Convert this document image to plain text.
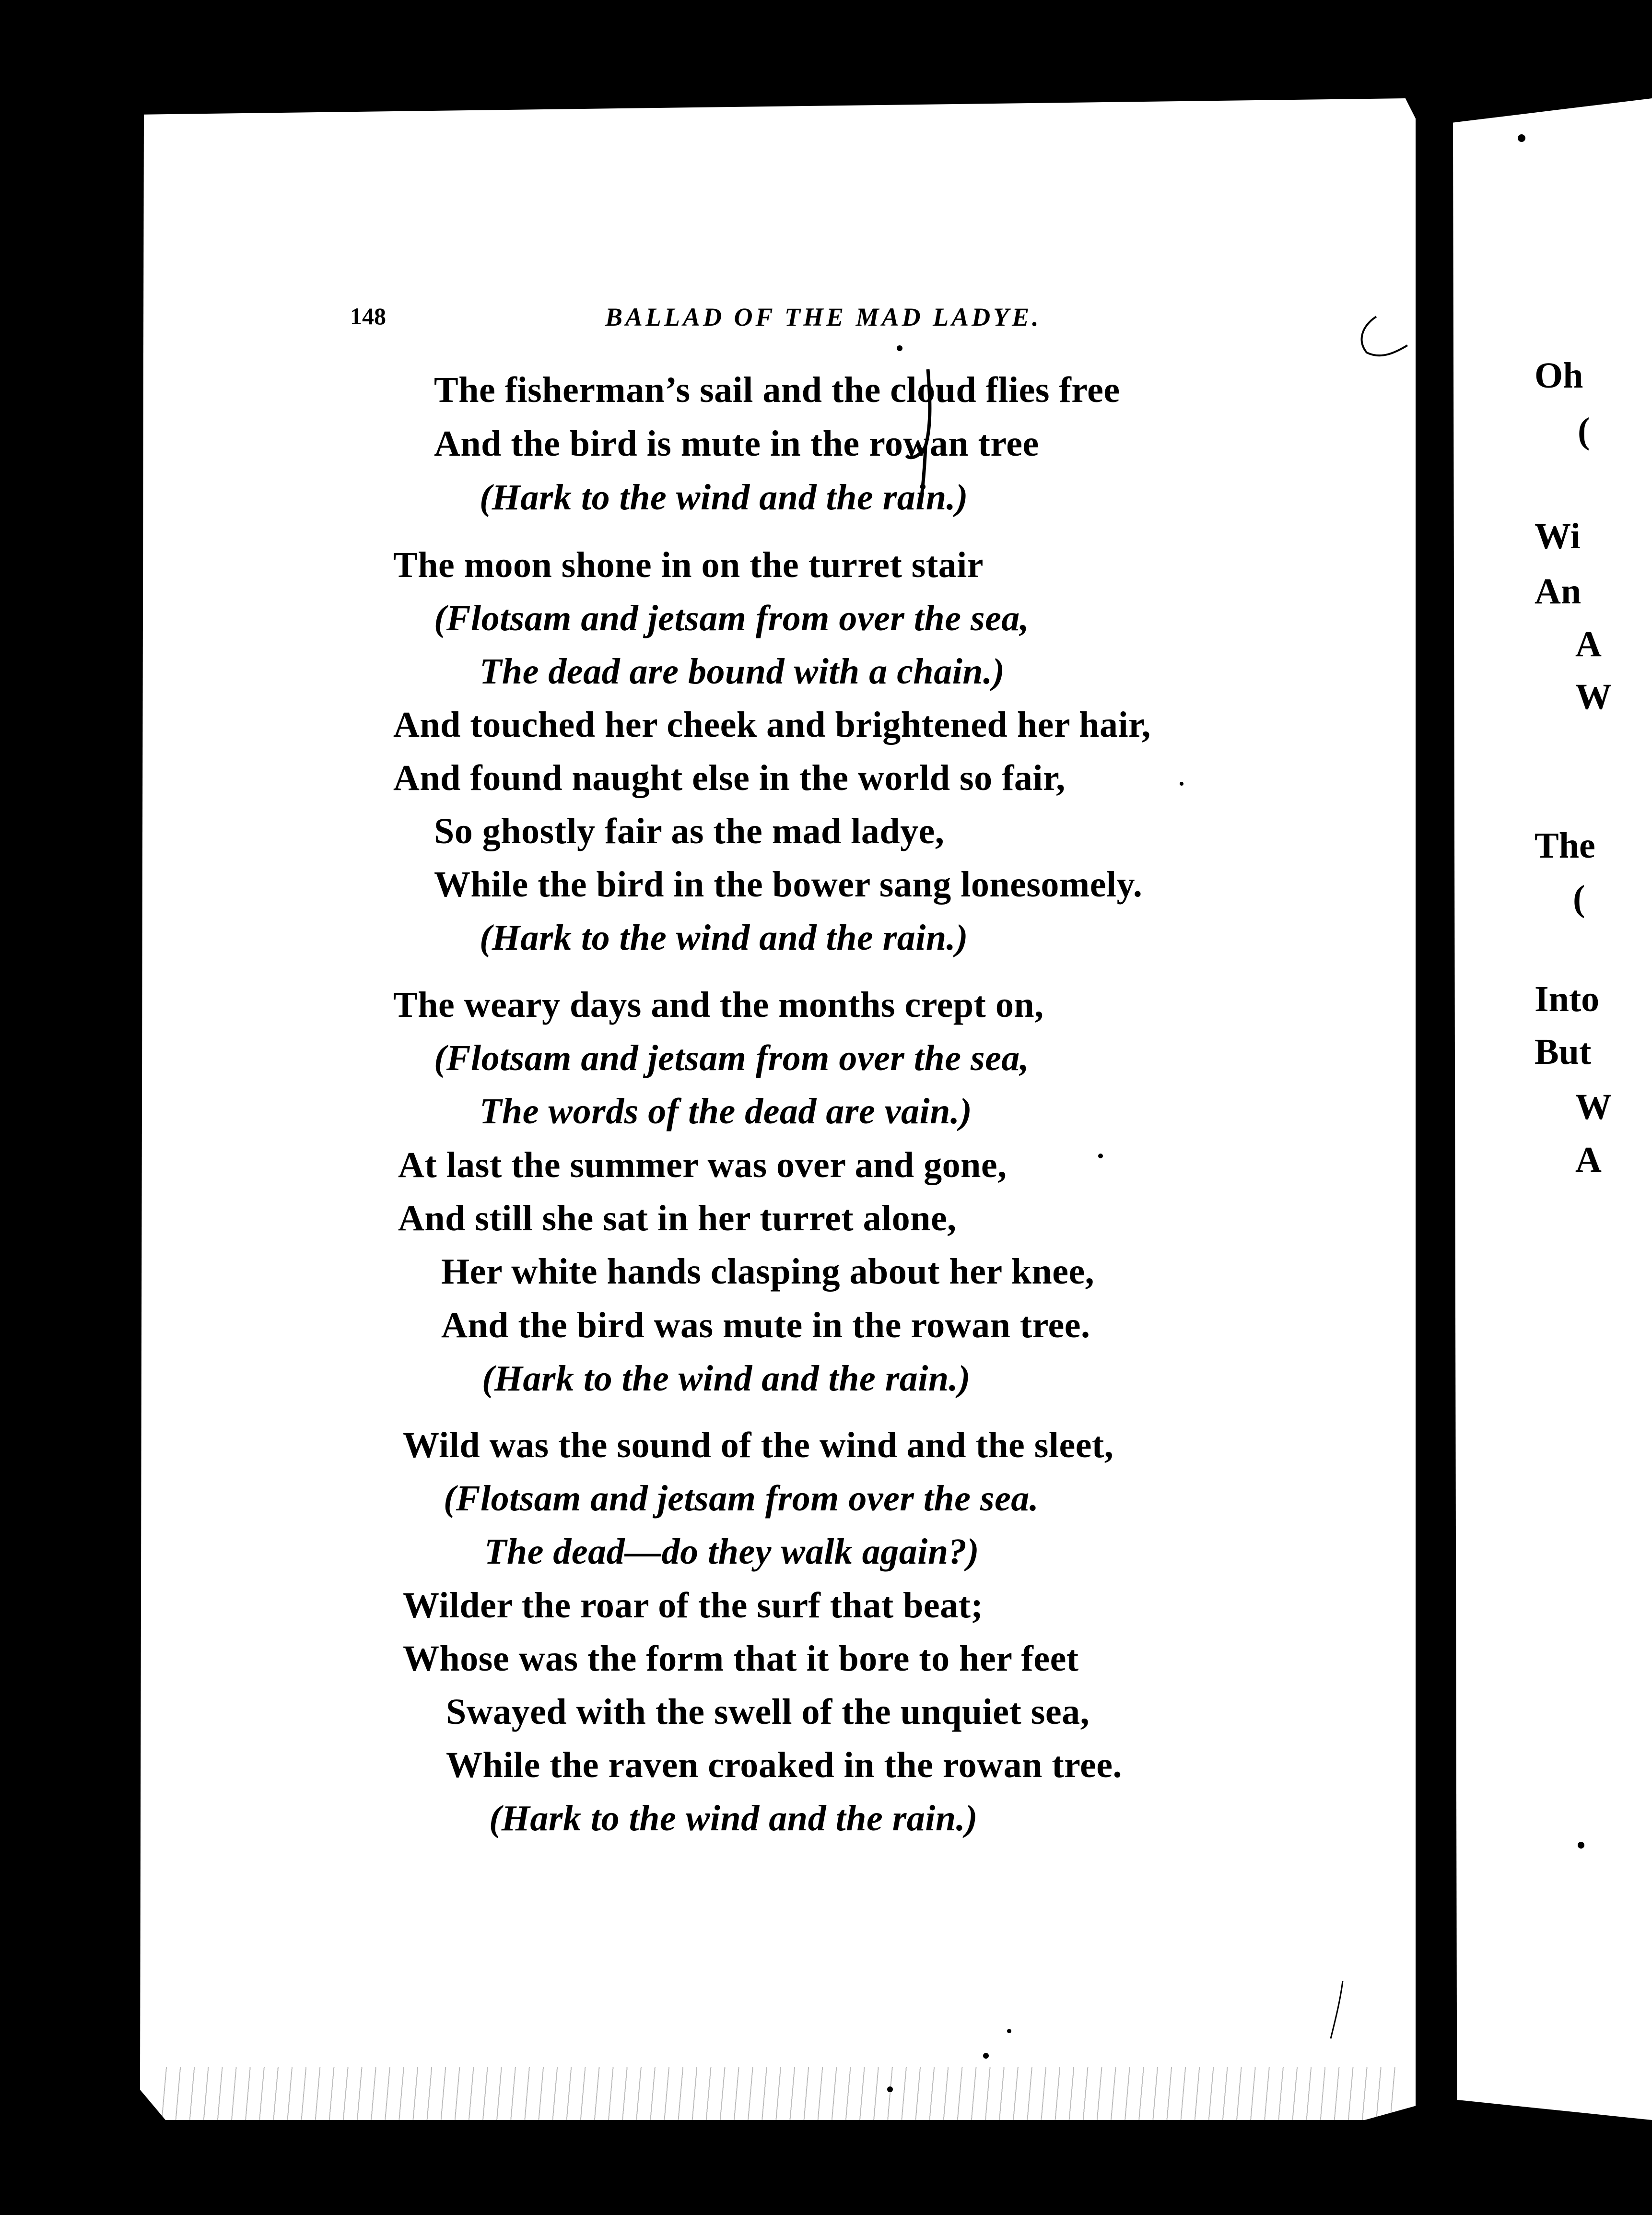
Oh
(
Wi
An
A
W
The
(
Into
But
W
A
148	BALLAD OF THE MAD LADYE.
The fisherman’s sail and the cloud flies free
And the bird is mute in the rowan tree
(Hark to the wind and the rain.)
The moon shone in on the turret stair
(Flotsam and jetsam from over the sea,
The dead are bound with a chain.)
And touched her cheek and brightened her hair,
And found naught else in the world so fair,
So ghostly fair as the mad ladye,
While the bird in the bower sang lonesomely.
(Hark to the wind and the rain.)
The weary days and the months crept on,
(Flotsam and jetsam from over the sea,
The words of the dead are vain.)
At last the summer was over and gone,
And still she sat in her turret alone,
Her white hands clasping about her knee,
And the bird was mute in the rowan tree.
(Hark to the wind and the rain.)
Wild was the sound of the wind and the sleet,
(Flotsam and jetsam from over the sea.
The dead—do they walk again?)
Wilder the roar of the surf that beat;
Whose was the form that it bore to her feet
Swayed with the swell of the unquiet sea,
While the raven croaked in the rowan tree.
(Hark to the wind and the rain.)
